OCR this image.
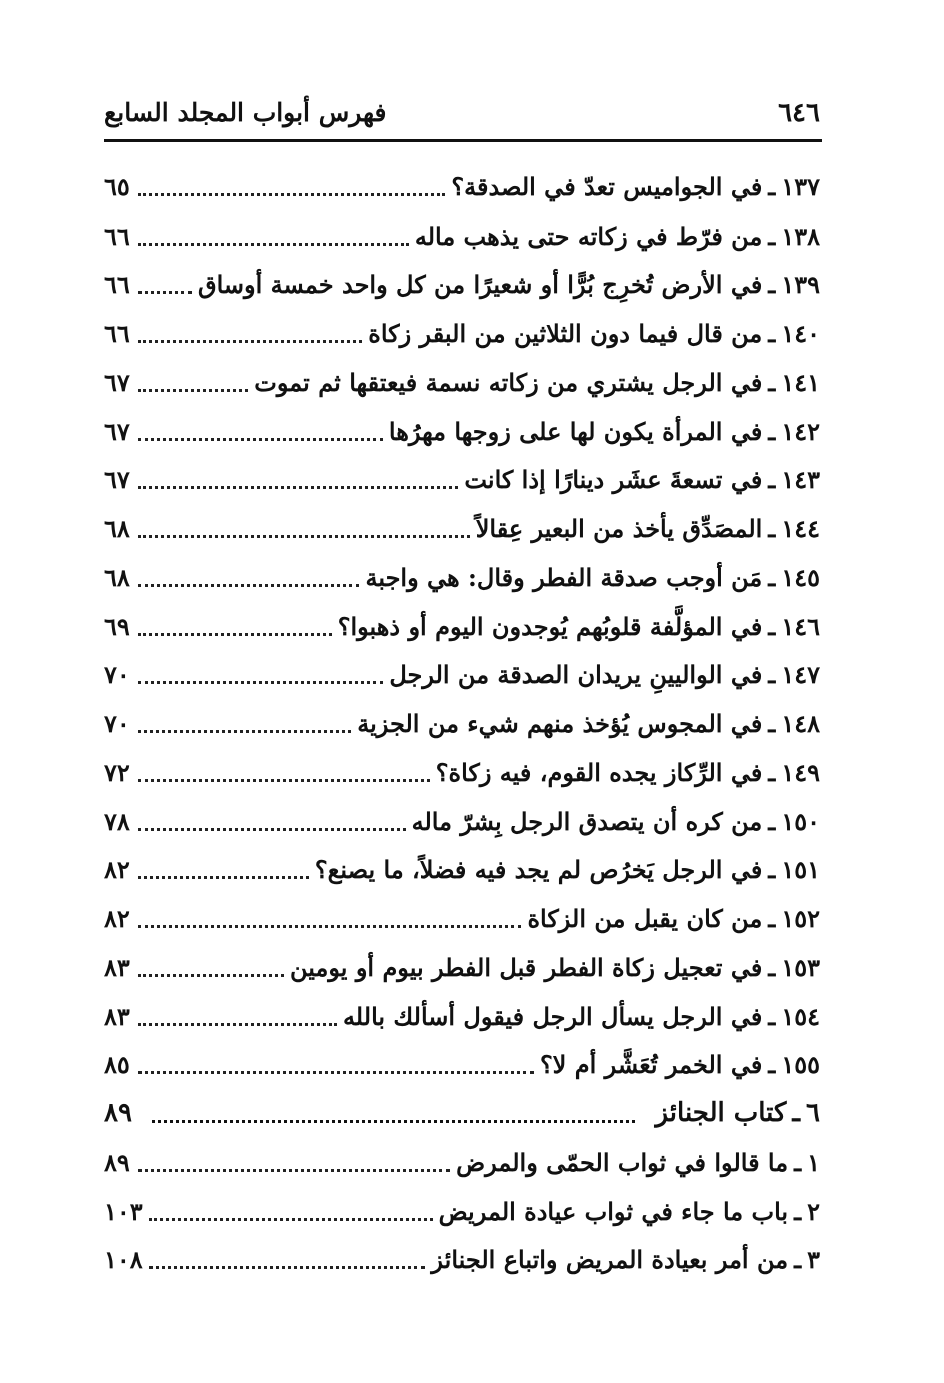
٦٤٦
فهرس أبواب المجلد السابع
١٣٧
ـ
في الجواميس تعدّ في الصدقة؟
٦٥
١٣٨
ـ
من فرّط في زكاته حتى يذهب ماله
٦٦
١٣٩
ـ
في الأرض تُخرِج بُرًّا أو شعيرًا من كل واحد خمسة أوساق
٦٦
١٤٠
ـ
من قال فيما دون الثلاثين من البقر زكاة
٦٦
١٤١
ـ
في الرجل يشتري من زكاته نسمة فيعتقها ثم تموت
٦٧
١٤٢
ـ
في المرأة يكون لها على زوجها مهرُها
٦٧
١٤٣
ـ
في تسعةَ عشَر دينارًا إذا كانت
٦٧
١٤٤
ـ
المصَدِّق يأخذ من البعير عِقالاً
٦٨
١٤٥
ـ
مَن أوجب صدقة الفطر وقال: هي واجبة
٦٨
١٤٦
ـ
في المؤلَّفة قلوبُهم يُوجدون اليوم أو ذهبوا؟
٦٩
١٤٧
ـ
في الواليينِ يريدان الصدقة من الرجل
٧٠
١٤٨
ـ
في المجوس يُؤخذ منهم شيء من الجزية
٧٠
١٤٩
ـ
في الرِّكاز يجده القوم، فيه زكاة؟
٧٢
١٥٠
ـ
من كره أن يتصدق الرجل بِشرّ ماله
٧٨
١٥١
ـ
في الرجل يَخرُص لم يجد فيه فضلاً، ما يصنع؟
٨٢
١٥٢
ـ
من كان يقبل من الزكاة
٨٢
١٥٣
ـ
في تعجيل زكاة الفطر قبل الفطر بيوم أو يومين
٨٣
١٥٤
ـ
في الرجل يسأل الرجل فيقول أسألك بالله
٨٣
١٥٥
ـ
في الخمر تُعَشَّر أم لا؟
٨٥
٦
ـ
كتاب الجنائز
٨٩
١
ـ
ما قالوا في ثواب الحمّى والمرض
٨٩
٢
ـ
باب ما جاء في ثواب عيادة المريض
١٠٣
٣
ـ
من أمر بعيادة المريض واتباع الجنائز
١٠٨
